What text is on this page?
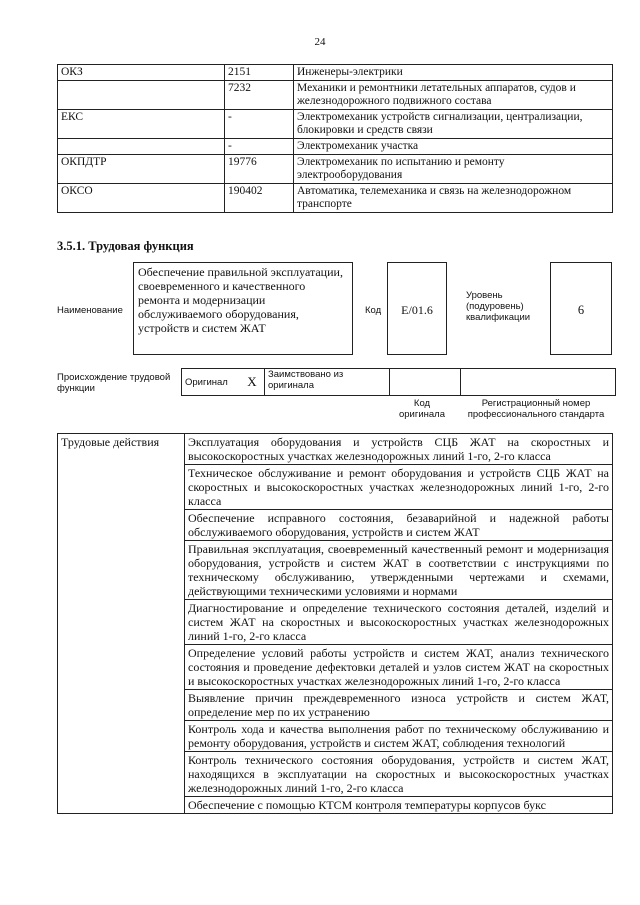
24
ОКЗ	2151	Инженеры-электрики
	7232	Механики и ремонтники летательных аппаратов, судов и железнодорожного подвижного состава
ЕКС	-	Электромеханик устройств сигнализации, централизации, блокировки и средств связи
	-	Электромеханик участка
ОКПДТР	19776	Электромеханик по испытанию и ремонту электрооборудования
ОКСО	190402	Автоматика, телемеханика и связь на железнодорожном транспорте
3.5.1. Трудовая функция
Наименование
Обеспечение правильной эксплуатации, своевременного и качественного ремонта и модернизации обслуживаемого оборудования, устройств и систем ЖАТ
Код	E/01.6
Уровень (подуровень) квалификации
6
Происхождение трудовой функции
Оригинал	X	Заимствовано из оригинала		
Код оригинала
Регистрационный номер профессионального стандарта
Трудовые действия	Эксплуатация оборудования и устройств СЦБ ЖАТ на скоростных и высокоскоростных участках железнодорожных линий 1-го, 2-го класса
Техническое обслуживание и ремонт оборудования и устройств СЦБ ЖАТ на скоростных и высокоскоростных участках железнодорожных линий 1-го, 2-го класса
Обеспечение исправного состояния, безаварийной и надежной работы обслуживаемого оборудования, устройств и систем ЖАТ
Правильная эксплуатация, своевременный качественный ремонт и модернизация оборудования, устройств и систем ЖАТ в соответствии с инструкциями по техническому обслуживанию, утвержденными чертежами и схемами, действующими техническими условиями и нормами
Диагностирование и определение технического состояния деталей, изделий и систем ЖАТ на скоростных и высокоскоростных участках железнодорожных линий 1-го, 2-го класса
Определение условий работы устройств и систем ЖАТ, анализ технического состояния и проведение дефектовки деталей и узлов систем ЖАТ на скоростных и высокоскоростных участках железнодорожных линий 1-го, 2-го класса
Выявление причин преждевременного износа устройств и систем ЖАТ, определение мер по их устранению
Контроль хода и качества выполнения работ по техническому обслуживанию и ремонту оборудования, устройств и систем ЖАТ, соблюдения технологий
Контроль технического состояния оборудования, устройств и систем ЖАТ, находящихся в эксплуатации на скоростных и высокоскоростных участках железнодорожных линий 1-го, 2-го класса
Обеспечение с помощью КТСМ контроля температуры корпусов букс
